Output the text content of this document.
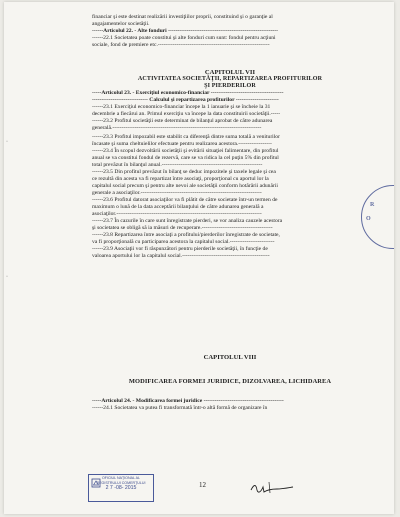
·
·
financiar şi este destinat realizării investiţiilor proprii, constituind şi o garanţie al
angajamentelor societăţii.
------Articolul 22. - Alte fonduri -----------------------------------------------------------
------22.1 Societatea poate constitui şi alte fonduri cum sunt: fondul pentru acţiuni
sociale, fond de premiere etc.------------------------------------------------------------
-----Articolul 23. - Exerciţiul economico-financiar ---------------------------------------
------------------------------ Calculul şi repartizarea profiturilor -----------------------
------23.1 Exerciţiul economico-financiar începe la 1 ianuarie şi se încheie la 31
decembrie a fiecărui an. Primul exerciţiu va începe la data constituirii societăţii.-----
------23.2 Profitul societăţii este determinat de bilanţul aprobat de către adunarea
generală.--------------------------------------------------------------------------------
------23.3 Profitul impozabil este stabilit ca diferenţă dintre suma totală a veniturilor
încasate şi suma cheltuielilor efectuate pentru realizarea acestora.------------------
------23.4 În scopul dezvoltării societăţii şi evitării situaţiei falimentare, din profitul
anual se va constitui fondul de rezervă, care se va ridica la cel puţin 5% din profitul
total prevăzut în bilanţul anual.------------------------------------------------------
------23.5 Din profitul prevăzut în bilanţ se deduc impozitele şi taxele legale şi cea
ce rezultă din acesta va fi repartizat între asociaţi, proporţional cu aportul lor la
capitalul social precum şi pentru alte nevoi ale societăţii conform hotărârii adunării
generale a asociaţilor.-----------------------------------------------------------------
------23.6 Profitul datorat asociaţilor va fi plătit de către societate într-un termen de
maximum o lună de la data acceptării bilanţului de către adunarea generală a
asociaţilor.------------------------------------------------------------------------------
------23.7 În cazurile în care sunt înregistrate pierderi, se vor analiza cauzele acestora
şi societatea se obligă să ia măsuri de recuperare.--------------------------------------
------23.8 Repartizarea între asociaţi a profitului/pierderilor înregistrate de societate,
va fi proporţională cu participarea acestora la capitalul social.------------------------
------23.9 Asociaţii vor fi răspunzători pentru pierderile societăţii, în funcţie de
valoarea aportului lor la capitalul social.-----------------------------------------------
-----Articolul 24. - Modificarea formei juridice -------------------------------------------
------24.1 Societatea va putea fi transformată într-o altă formă de organizare în
CAPITOLUL VII
ACTIVITATEA SOCIETĂŢII, REPARTIZAREA PROFITURILOR
ŞI PIERDERILOR
CAPITOLUL VIII
MODIFICAREA FORMEI JURIDICE, DIZOLVAREA, LICHIDAREA
R
O
OFICIUL NAŢIONAL AL
REGISTRULUI COMERŢULUI
2 7 -08- 2015	12
